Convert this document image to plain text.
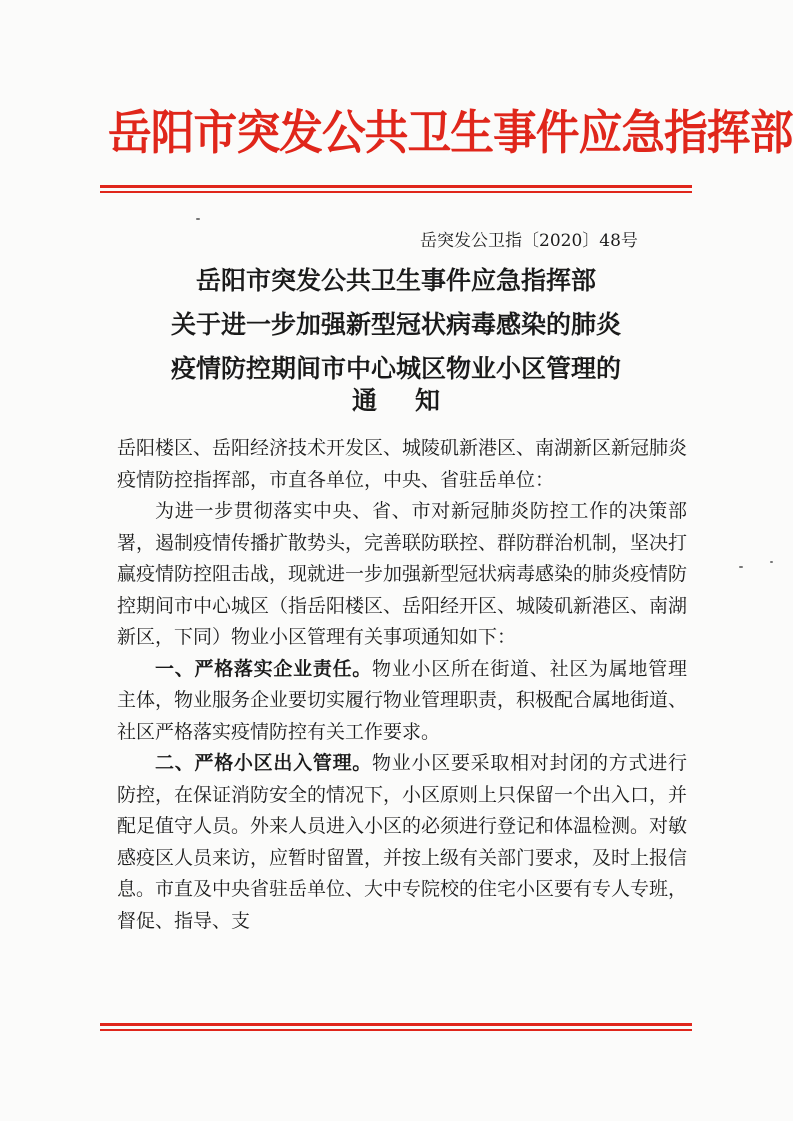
岳阳市突发公共卫生事件应急指挥部
岳突发公卫指〔2020〕48号
岳阳市突发公共卫生事件应急指挥部
关于进一步加强新型冠状病毒感染的肺炎
疫情防控期间市中心城区物业小区管理的
通知

岳阳楼区、岳阳经济技术开发区、城陵矶新港区、南湖新区新冠肺炎疫情防控指挥部，市直各单位，中央、省驻岳单位：

为进一步贯彻落实中央、省、市对新冠肺炎防控工作的决策部署，遏制疫情传播扩散势头，完善联防联控、群防群治机制，坚决打赢疫情防控阻击战，现就进一步加强新型冠状病毒感染的肺炎疫情防控期间市中心城区（指岳阳楼区、岳阳经开区、城陵矶新港区、南湖新区，下同）物业小区管理有关事项通知如下：

一、严格落实企业责任。物业小区所在街道、社区为属地管理主体，物业服务企业要切实履行物业管理职责，积极配合属地街道、社区严格落实疫情防控有关工作要求。

二、严格小区出入管理。物业小区要采取相对封闭的方式进行防控，在保证消防安全的情况下，小区原则上只保留一个出入口，并配足值守人员。外来人员进入小区的必须进行登记和体温检测。对敏感疫区人员来访，应暂时留置，并按上级有关部门要求，及时上报信息。市直及中央省驻岳单位、大中专院校的住宅小区要有专人专班，督促、指导、支
